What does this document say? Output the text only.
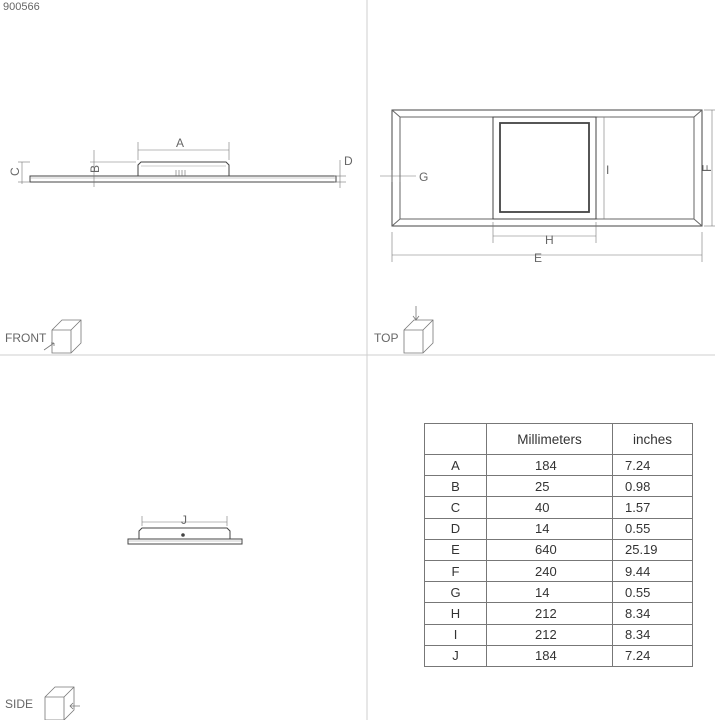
900566
A
B
C
D
FRONT
E
H
I	F
G
TOP
J
SIDE
	Millimeters	inches
A	184	7.24
B	25	0.98
C	40	1.57
D	14	0.55
E	640	25.19
F	240	9.44
G	14	0.55
H	212	8.34
I	212	8.34
J	184	7.24
